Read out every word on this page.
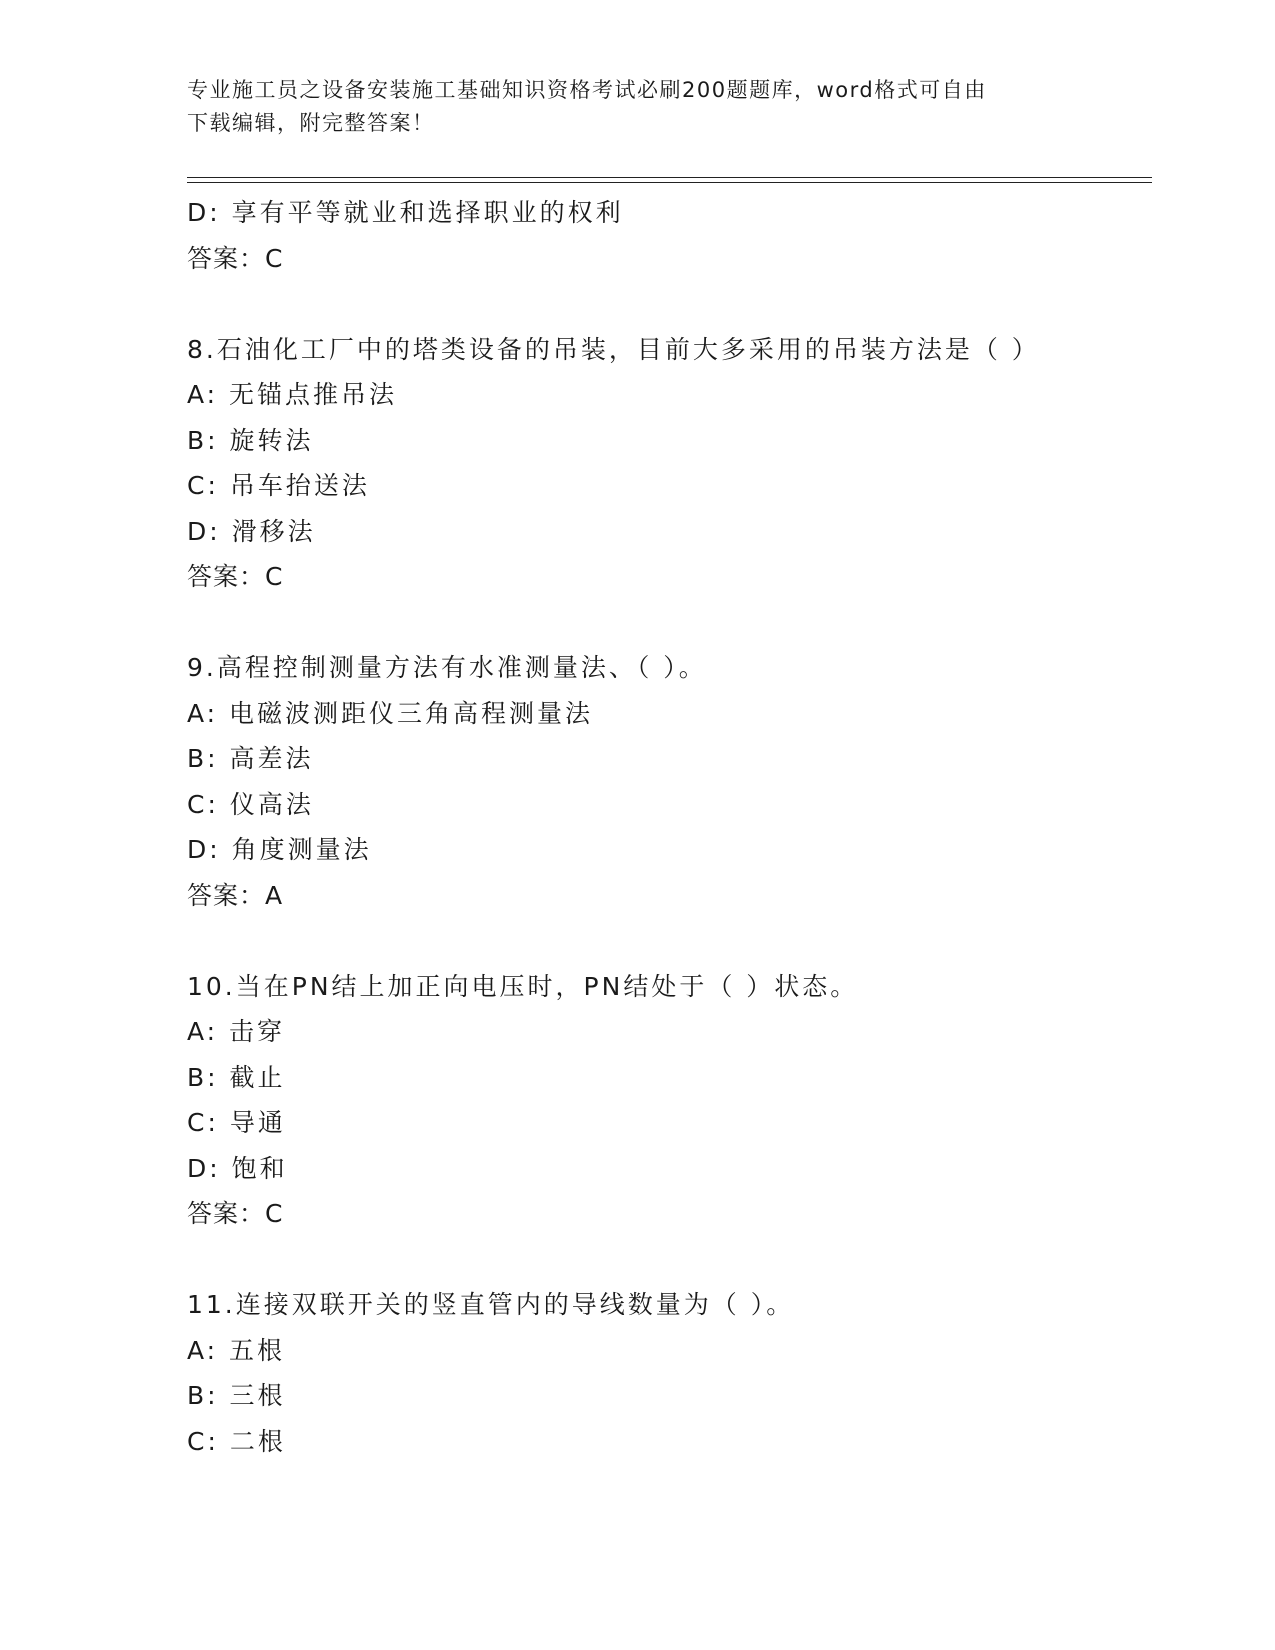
专业施工员之设备安装施工基础知识资格考试必刷200题题库，word格式可自由
下载编辑，附完整答案！
D: 享有平等就业和选择职业的权利
答案：C
8.石油化工厂中的塔类设备的吊装，目前大多采用的吊装方法是（ ）
A: 无锚点推吊法
B: 旋转法
C: 吊车抬送法
D: 滑移法
答案：C
9.高程控制测量方法有水准测量法、（ ）。
A: 电磁波测距仪三角高程测量法
B: 高差法
C: 仪高法
D: 角度测量法
答案：A
10.当在PN结上加正向电压时，PN结处于（ ）状态。
A: 击穿
B: 截止
C: 导通
D: 饱和
答案：C
11.连接双联开关的竖直管内的导线数量为（ ）。
A: 五根
B: 三根
C: 二根
